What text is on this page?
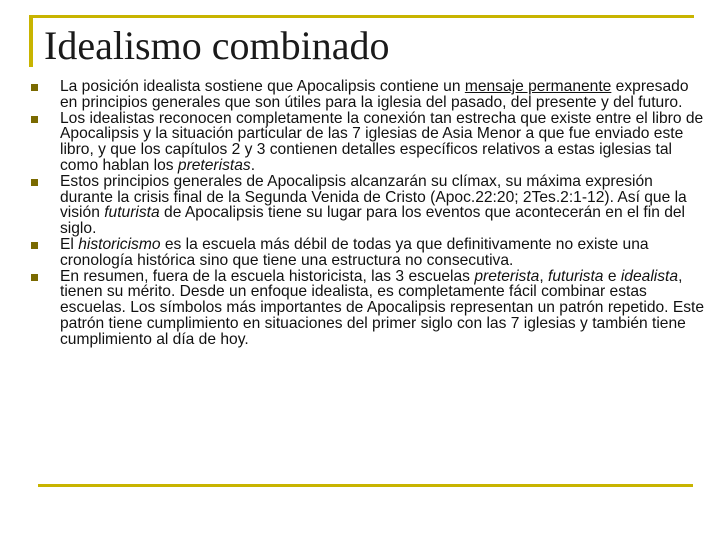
Idealismo combinado
La posición idealista sostiene que Apocalipsis contiene un mensaje permanente expresado en principios generales que son útiles para la iglesia del pasado, del presente y del futuro.
Los idealistas reconocen completamente la conexión tan estrecha que existe entre el libro de Apocalipsis y la situación particular de las 7 iglesias de Asia Menor a que fue enviado este libro, y que los capítulos 2 y 3 contienen detalles específicos relativos a estas iglesias tal como hablan los preteristas.
Estos principios generales de Apocalipsis alcanzarán su clímax, su máxima expresión durante la crisis final de la Segunda Venida de Cristo (Apoc.22:20; 2Tes.2:1-12). Así que la visión futurista de Apocalipsis tiene su lugar para los eventos que acontecerán en el fin del siglo.
El historicismo es la escuela más débil de todas ya que definitivamente no existe una cronología histórica sino que tiene una estructura no consecutiva.
En resumen, fuera de la escuela historicista, las 3 escuelas preterista, futurista e idealista, tienen su mérito. Desde un enfoque idealista, es completamente fácil combinar estas escuelas. Los símbolos más importantes de Apocalipsis representan un patrón repetido. Este patrón tiene cumplimiento en situaciones del primer siglo con las 7 iglesias y también tiene cumplimiento al día de hoy.
